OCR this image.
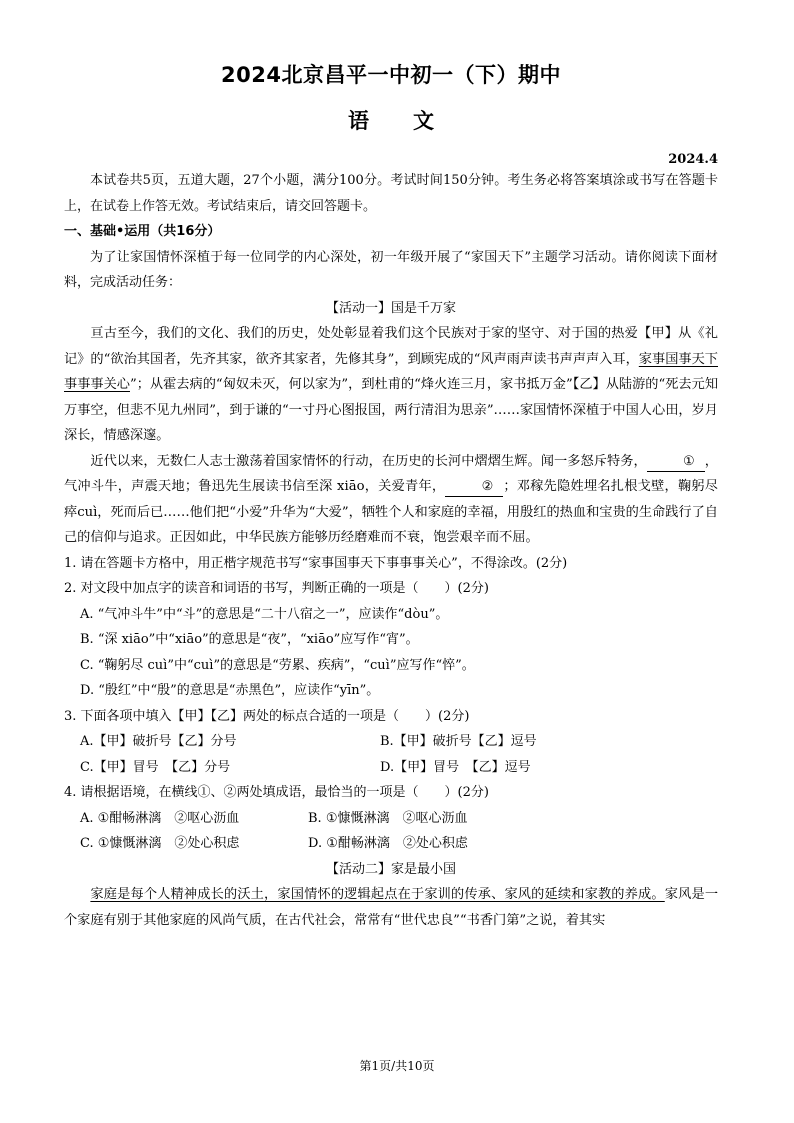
2024北京昌平一中初一（下）期中
语 文
2024.4

本试卷共5页，五道大题，27个小题，满分100分。考试时间150分钟。考生务必将答案填涂或书写在答题卡上，在试卷上作答无效。考试结束后，请交回答题卡。

一、基础•运用（共16分）

为了让家国情怀深植于每一位同学的内心深处，初一年级开展了“家国天下”主题学习活动。请你阅读下面材料，完成活动任务：

【活动一】国是千万家

亘古至今，我们的文化、我们的历史，处处彰显着我们这个民族对于家的坚守、对于国的热爱【甲】从《礼记》的“欲治其国者，先齐其家，欲齐其家者，先修其身”，到顾宪成的“风声雨声读书声声声入耳，家事国事天下事事事关心”；从霍去病的“匈奴未灭，何以家为”，到杜甫的“烽火连三月，家书抵万金”【乙】从陆游的“死去元知万事空，但悲不见九州同”，到于谦的“一寸丹心图报国，两行清泪为思亲”……家国情怀深植于中国人心田，岁月深长，情感深邃。

近代以来，无数仁人志士激荡着国家情怀的行动，在历史的长河中熠熠生辉。闻一多怒斥特务，	① ，气冲斗牛，声震天地；鲁迅先生展读书信至深 xiāo，关爱青年，	② ；邓稼先隐姓埋名扎根戈壁，鞠躬尽瘁cuì，死而后已……他们把“小爱”升华为“大爱”，牺牲个人和家庭的幸福，用殷红的热血和宝贵的生命践行了自己的信仰与追求。正因如此，中华民族方能够历经磨难而不衰，饱尝艰辛而不屈。

1. 请在答题卡方格中，用正楷字规范书写“家事国事天下事事事关心”，不得涂改。(2分)

2. 对文段中加点字的读音和词语的书写，判断正确的一项是（　　）(2分)

A. “气冲斗牛”中“斗”的意思是“二十八宿之一”，应读作“dòu”。

B. “深 xiāo”中“xiāo”的意思是“夜”，“xiāo”应写作“宵”。

C. “鞠躬尽 cuì”中“cuì”的意思是“劳累、疾病”，“cuì”应写作“悴”。

D. “殷红”中“殷”的意思是“赤黑色”，应读作“yīn”。

3. 下面各项中填入【甲】【乙】两处的标点合适的一项是（　　）(2分)

A.【甲】破折号【乙】分号	B.【甲】破折号【乙】逗号
C.【甲】冒号　【乙】分号	D.【甲】冒号　【乙】逗号

4. 请根据语境，在横线①、②两处填成语，最恰当的一项是（　　）(2分)

A. ①酣畅淋漓　②呕心沥血	B. ①慷慨淋漓　②呕心沥血
C. ①慷慨淋漓　②处心积虑	D. ①酣畅淋漓　②处心积虑

【活动二】家是最小国

家庭是每个人精神成长的沃土，家国情怀的逻辑起点在于家训的传承、家风的延续和家教的养成。家风是一个家庭有别于其他家庭的风尚气质，在古代社会，常常有“世代忠良”“书香门第”之说，着其实

第1页/共10页
